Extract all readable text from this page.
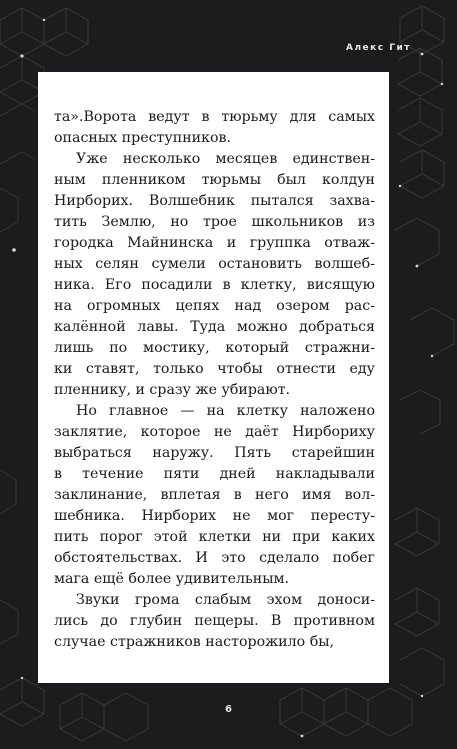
Алекс Гит
та».Ворота ведут в тюрьму для самых
опасных преступников.
Уже несколько месяцев единствен-
ным пленником тюрьмы был колдун
Нирборих. Волшебник пытался захва-
тить Землю, но трое школьников из
городка Майнинска и группка отваж-
ных селян сумели остановить волшеб-
ника. Его посадили в клетку, висящую
на огромных цепях над озером рас-
калённой лавы. Туда можно добраться
лишь по мостику, который стражни-
ки ставят, только чтобы отнести еду
пленнику, и сразу же убирают.
Но главное — на клетку наложено
заклятие, которое не даёт Нирбориху
выбраться наружу. Пять старейшин
в течение пяти дней накладывали
заклинание, вплетая в него имя вол-
шебника. Нирборих не мог пересту-
пить порог этой клетки ни при каких
обстоятельствах. И это сделало побег
мага ещё более удивительным.
Звуки грома слабым эхом доноси-
лись до глубин пещеры. В противном
случае стражников насторожило бы,
6
